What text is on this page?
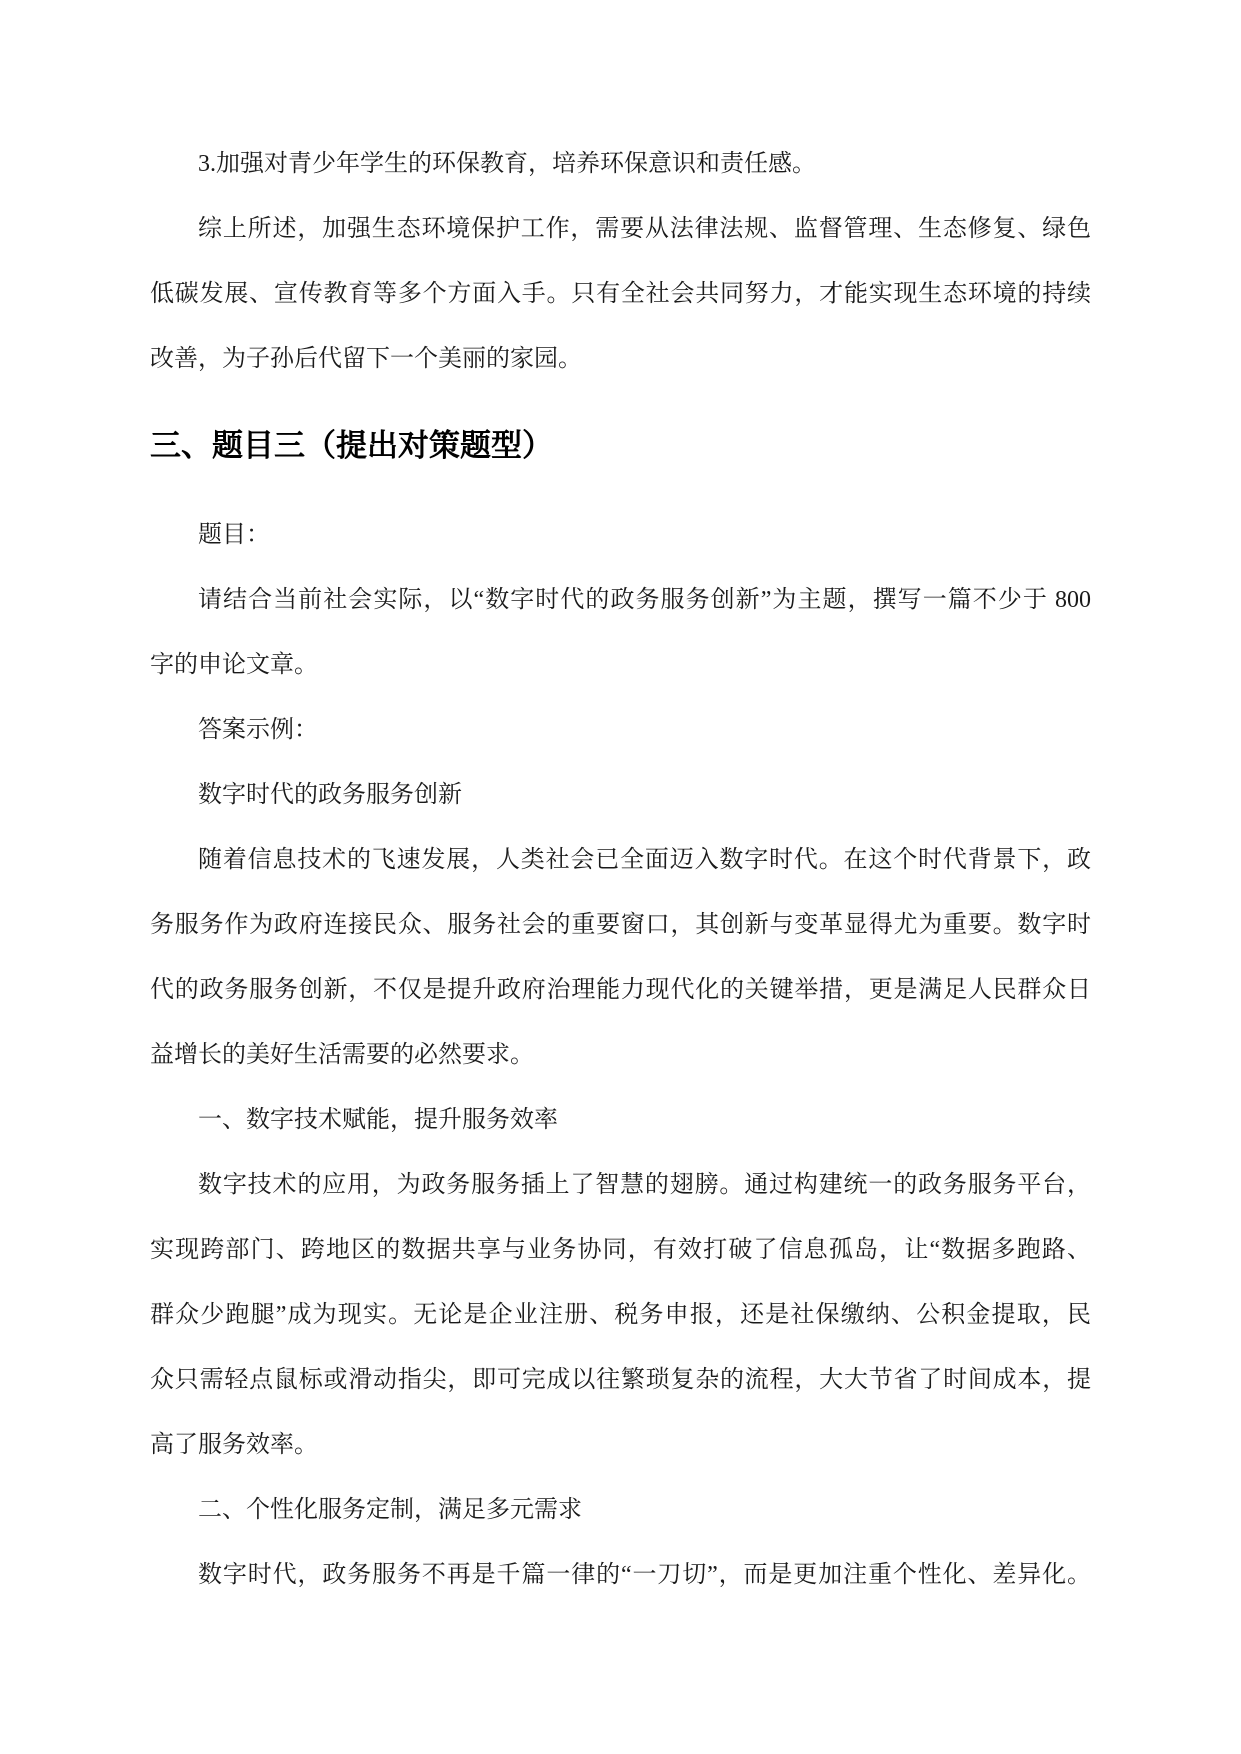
3.加强对青少年学生的环保教育，培养环保意识和责任感。
综上所述，加强生态环境保护工作，需要从法律法规、监督管理、生态修复、绿色
低碳发展、宣传教育等多个方面入手。只有全社会共同努力，才能实现生态环境的持续
改善，为子孙后代留下一个美丽的家园。
三、题目三（提出对策题型）
题目：
请结合当前社会实际，以“数字时代的政务服务创新”为主题，撰写一篇不少于 800
字的申论文章。
答案示例：
数字时代的政务服务创新
随着信息技术的飞速发展，人类社会已全面迈入数字时代。在这个时代背景下，政
务服务作为政府连接民众、服务社会的重要窗口，其创新与变革显得尤为重要。数字时
代的政务服务创新，不仅是提升政府治理能力现代化的关键举措，更是满足人民群众日
益增长的美好生活需要的必然要求。
一、数字技术赋能，提升服务效率
数字技术的应用，为政务服务插上了智慧的翅膀。通过构建统一的政务服务平台，
实现跨部门、跨地区的数据共享与业务协同，有效打破了信息孤岛，让“数据多跑路、
群众少跑腿”成为现实。无论是企业注册、税务申报，还是社保缴纳、公积金提取，民
众只需轻点鼠标或滑动指尖，即可完成以往繁琐复杂的流程，大大节省了时间成本，提
高了服务效率。
二、个性化服务定制，满足多元需求
数字时代，政务服务不再是千篇一律的“一刀切”，而是更加注重个性化、差异化。
